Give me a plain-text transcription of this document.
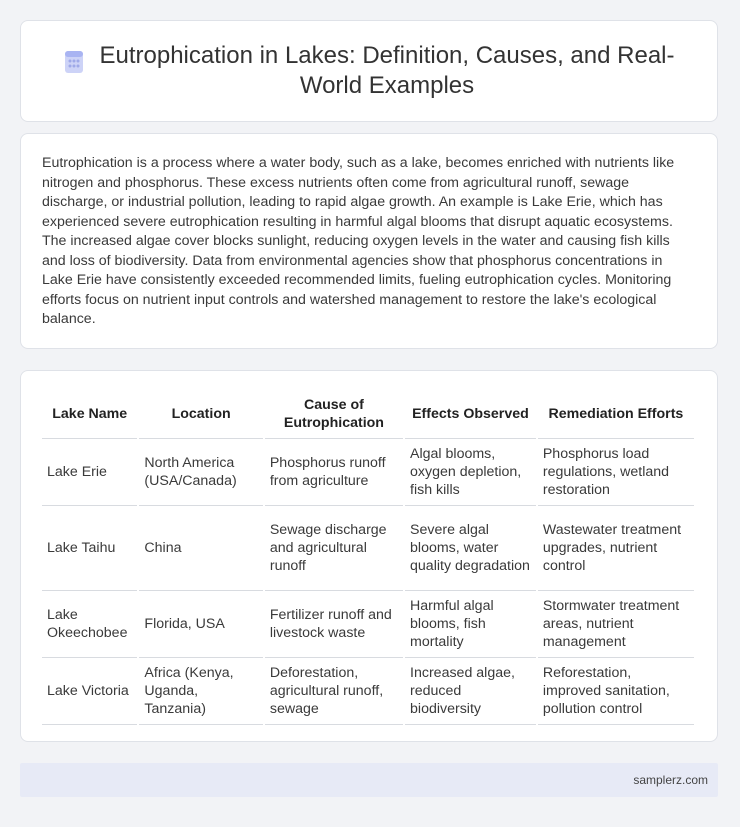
Eutrophication in Lakes: Definition, Causes, and Real-World Examples

Eutrophication is a process where a water body, such as a lake, becomes enriched with nutrients like nitrogen and phosphorus. These excess nutrients often come from agricultural runoff, sewage discharge, or industrial pollution, leading to rapid algae growth. An example is Lake Erie, which has experienced severe eutrophication resulting in harmful algal blooms that disrupt aquatic ecosystems. The increased algae cover blocks sunlight, reducing oxygen levels in the water and causing fish kills and loss of biodiversity. Data from environmental agencies show that phosphorus concentrations in Lake Erie have consistently exceeded recommended limits, fueling eutrophication cycles. Monitoring efforts focus on nutrient input controls and watershed management to restore the lake's ecological balance.

Lake Name	Location	Cause of Eutrophication	Effects Observed	Remediation Efforts
Lake Erie	North America (USA/Canada)	Phosphorus runoff from agriculture	Algal blooms, oxygen depletion, fish kills	Phosphorus load regulations, wetland restoration
Lake Taihu	China	Sewage discharge and agricultural runoff	Severe algal blooms, water quality degradation	Wastewater treatment upgrades, nutrient control
Lake Okeechobee	Florida, USA	Fertilizer runoff and livestock waste	Harmful algal blooms, fish mortality	Stormwater treatment areas, nutrient management
Lake Victoria	Africa (Kenya, Uganda, Tanzania)	Deforestation, agricultural runoff, sewage	Increased algae, reduced biodiversity	Reforestation, improved sanitation, pollution control
samplerz.com
